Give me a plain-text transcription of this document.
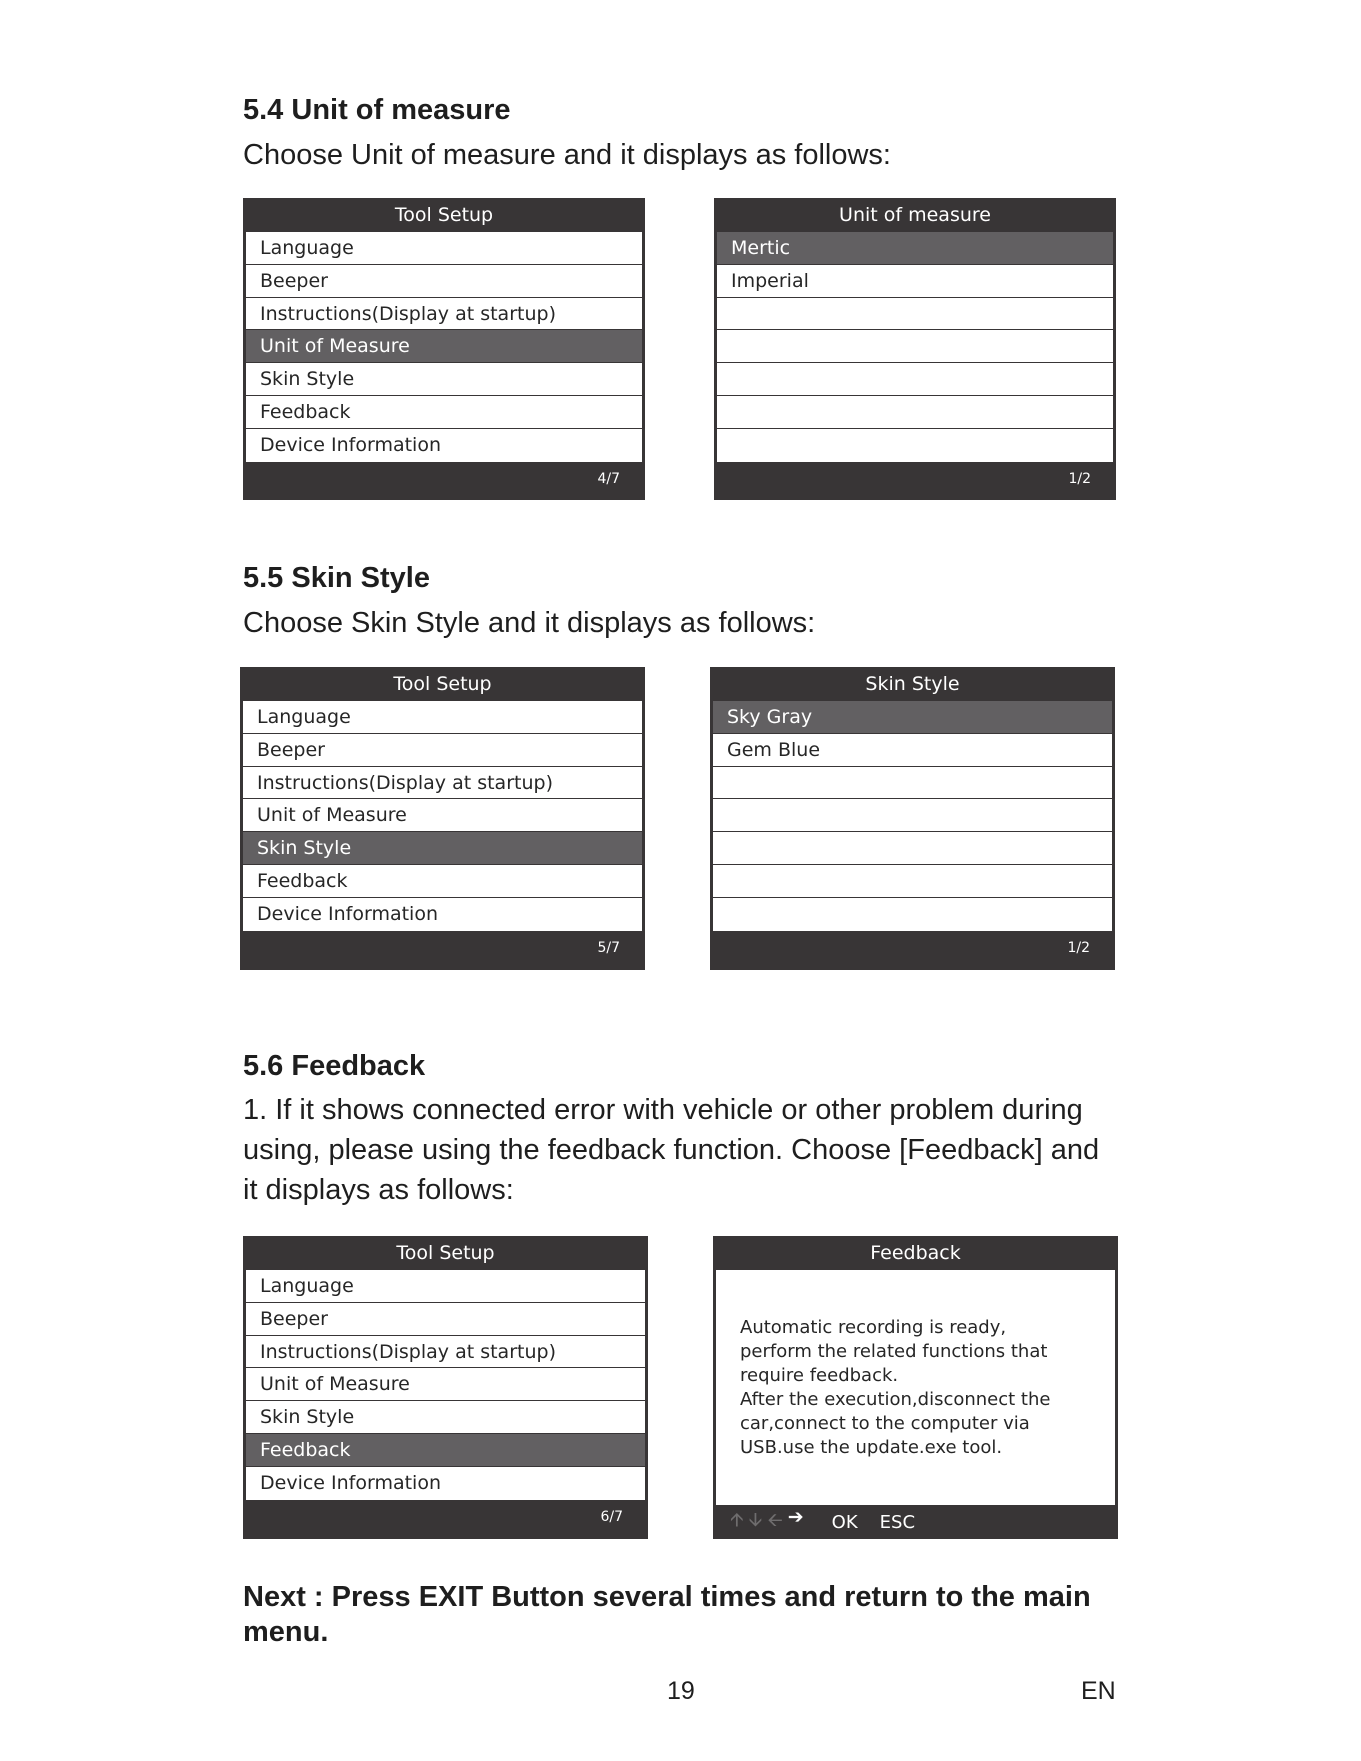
5.4 Unit of measure

Choose Unit of measure and it displays as follows:

Tool Setup
Language
Beeper
Instructions(Display at startup)
Unit of Measure
Skin Style
Feedback
Device Information
4/7
Unit of measure
Mertic
Imperial
1/2
5.5 Skin Style

Choose Skin Style and it displays as follows:

Tool Setup
Language
Beeper
Instructions(Display at startup)
Unit of Measure
Skin Style
Feedback
Device Information
5/7
Skin Style
Sky Gray
Gem Blue
1/2
5.6 Feedback

1. If it shows connected error with vehicle or other problem during

using, please using the feedback function. Choose [Feedback] and

it displays as follows:

Tool Setup
Language
Beeper
Instructions(Display at startup)
Unit of Measure
Skin Style
Feedback
Device Information
6/7
Feedback
Automatic recording is ready,
perform the related functions that
require feedback.
After the execution,disconnect the
car,connect to the computer via
USB.use the update.exe tool.
🡩 🡫 🡨 ➔ OK ESC

Next : Press EXIT Button several times and return to the main

menu.

19	EN
